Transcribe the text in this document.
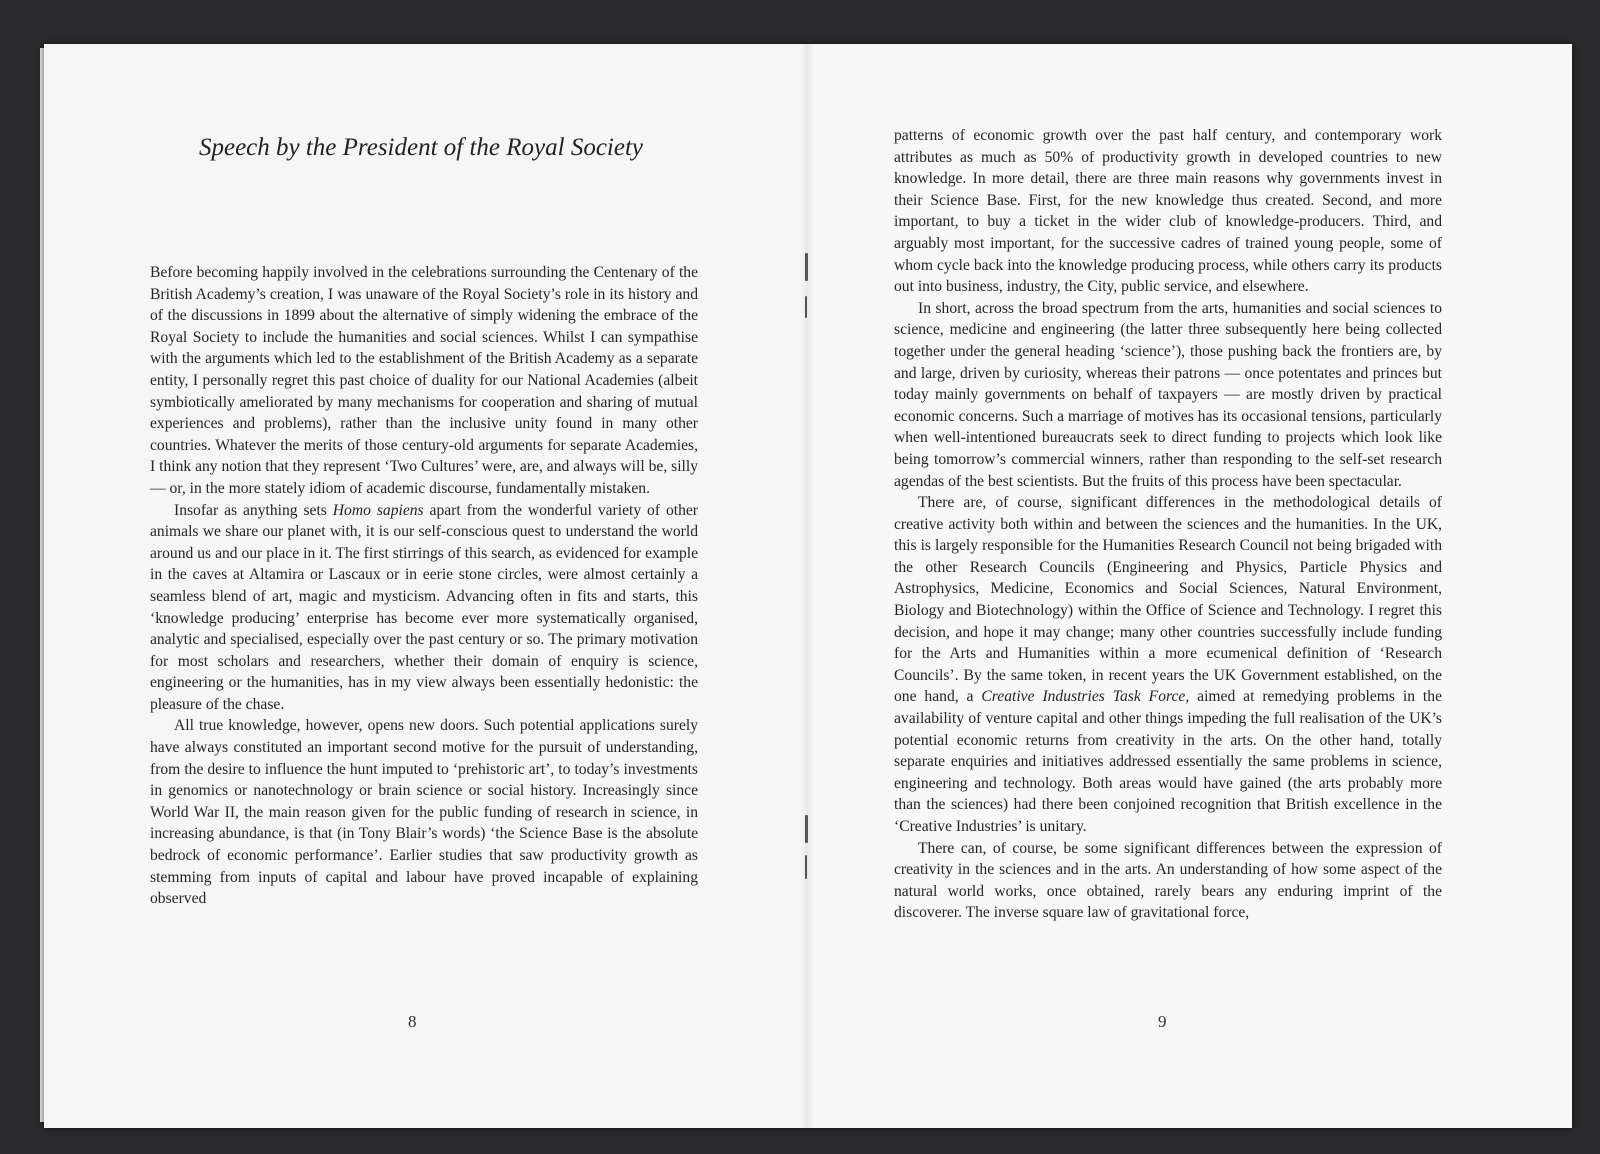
Speech by the President of the Royal Society

Before becoming happily involved in the celebrations surrounding the Centenary of the British Academy’s creation, I was unaware of the Royal Society’s role in its history and of the discussions in 1899 about the alternative of simply widening the embrace of the Royal Society to include the humanities and social sciences. Whilst I can sympathise with the arguments which led to the establishment of the British Academy as a separate entity, I personally regret this past choice of duality for our National Academies (albeit symbiotically ameliorated by many mechanisms for cooperation and sharing of mutual experiences and problems), rather than the inclusive unity found in many other countries. Whatever the merits of those century-old arguments for separate Academies, I think any notion that they represent ‘Two Cultures’ were, are, and always will be, silly — or, in the more stately idiom of academic discourse, fundamentally mistaken.

Insofar as anything sets Homo sapiens apart from the wonderful variety of other animals we share our planet with, it is our self-conscious quest to understand the world around us and our place in it. The first stirrings of this search, as evidenced for example in the caves at Altamira or Lascaux or in eerie stone circles, were almost certainly a seamless blend of art, magic and mysticism. Advancing often in fits and starts, this ‘knowledge producing’ enterprise has become ever more systematically organised, analytic and specialised, especially over the past century or so. The primary motivation for most scholars and researchers, whether their domain of enquiry is science, engineering or the humanities, has in my view always been essentially hedonistic: the pleasure of the chase.

All true knowledge, however, opens new doors. Such potential applications surely have always constituted an important second motive for the pursuit of understanding, from the desire to influence the hunt imputed to ‘prehistoric art’, to today’s investments in genomics or nanotechnology or brain science or social history. Increasingly since World War II, the main reason given for the public funding of research in science, in increasing abundance, is that (in Tony Blair’s words) ‘the Science Base is the absolute bedrock of economic performance’. Earlier studies that saw productivity growth as stemming from inputs of capital and labour have proved incapable of explaining observed

8

patterns of economic growth over the past half century, and contemporary work attributes as much as 50% of productivity growth in developed countries to new knowledge. In more detail, there are three main reasons why governments invest in their Science Base. First, for the new knowledge thus created. Second, and more important, to buy a ticket in the wider club of knowledge-producers. Third, and arguably most important, for the successive cadres of trained young people, some of whom cycle back into the knowledge producing process, while others carry its products out into business, industry, the City, public service, and elsewhere.

In short, across the broad spectrum from the arts, humanities and social sciences to science, medicine and engineering (the latter three subsequently here being collected together under the general heading ‘science’), those pushing back the frontiers are, by and large, driven by curiosity, whereas their patrons — once potentates and princes but today mainly governments on behalf of taxpayers — are mostly driven by practical economic concerns. Such a marriage of motives has its occasional tensions, particularly when well-intentioned bureaucrats seek to direct funding to projects which look like being tomorrow’s commercial winners, rather than responding to the self-set research agendas of the best scientists. But the fruits of this process have been spectacular.

There are, of course, significant differences in the methodological details of creative activity both within and between the sciences and the humanities. In the UK, this is largely responsible for the Humanities Research Council not being brigaded with the other Research Councils (Engineering and Physics, Particle Physics and Astrophysics, Medicine, Economics and Social Sciences, Natural Environment, Biology and Biotechnology) within the Office of Science and Technology. I regret this decision, and hope it may change; many other countries successfully include funding for the Arts and Humanities within a more ecumenical definition of ‘Research Councils’. By the same token, in recent years the UK Government established, on the one hand, a Creative Industries Task Force, aimed at remedying problems in the availability of venture capital and other things impeding the full realisation of the UK’s potential economic returns from creativity in the arts. On the other hand, totally separate enquiries and initiatives addressed essentially the same problems in science, engineering and technology. Both areas would have gained (the arts probably more than the sciences) had there been conjoined recognition that British excellence in the ‘Creative Industries’ is unitary.

There can, of course, be some significant differences between the expression of creativity in the sciences and in the arts. An understanding of how some aspect of the natural world works, once obtained, rarely bears any enduring imprint of the discoverer. The inverse square law of gravitational force,

9
